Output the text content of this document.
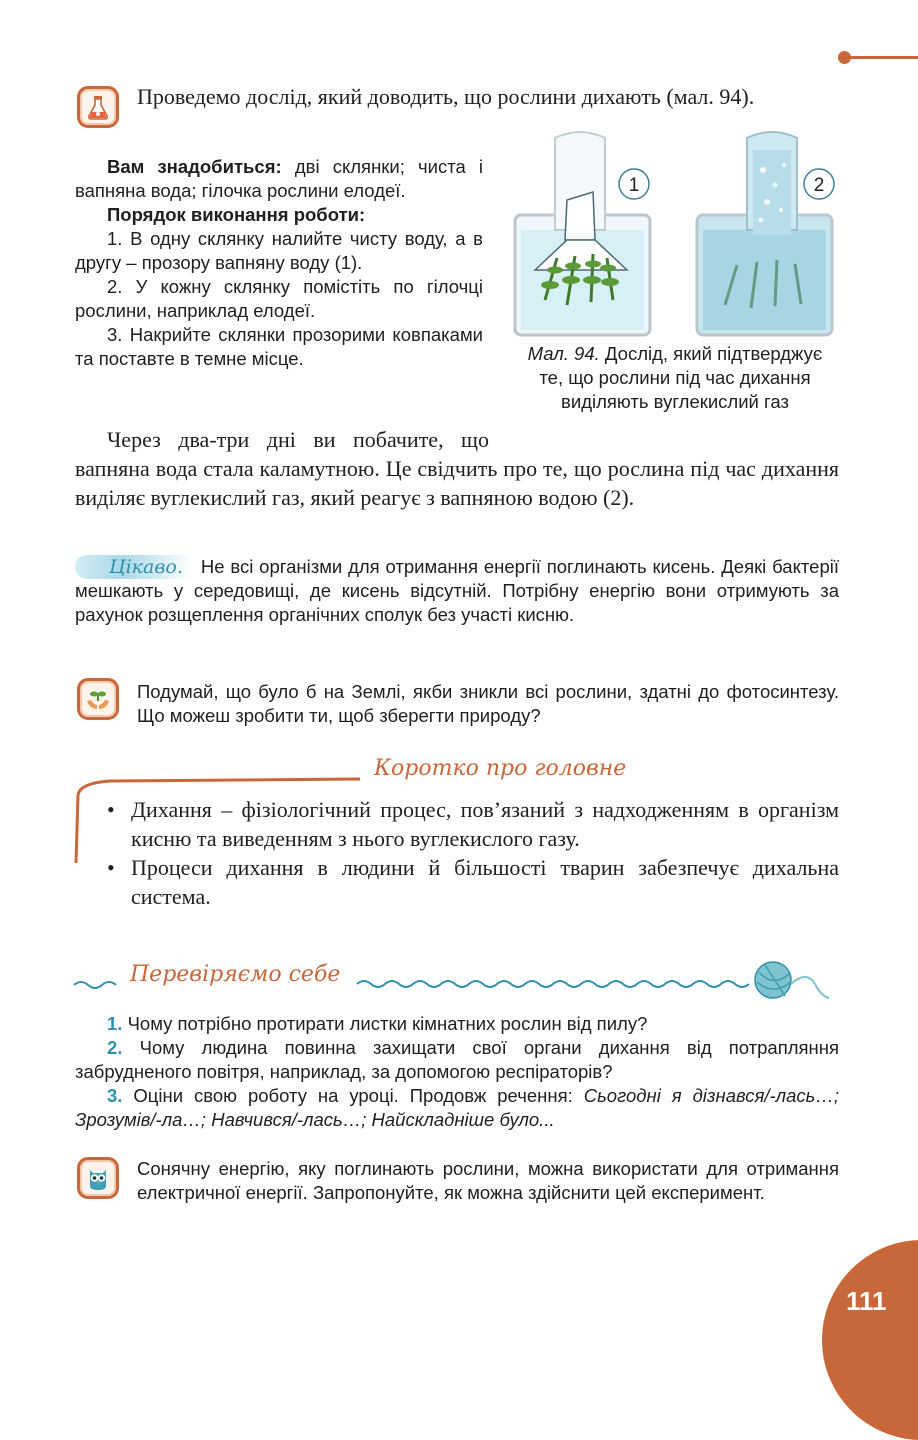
Проведемо дослід, який доводить, що рослини дихають (мал. 94).

Вам знадобиться: дві склянки; чиста і вапняна вода; гілочка рослини елодеї.

Порядок виконання роботи:

1. В одну склянку налийте чисту воду, а в другу – прозору вапняну воду (1).

2. У кожну склянку помістіть по гілочці рослини, наприклад елодеї.

3. Накрийте склянки прозорими ковпаками та поставте в темне місце.

1	2
Мал. 94. Дослід, який підтверджує те, що рослини під час дихання виділяють вуглекислий газ
Через два-три дні ви побачите, що вапняна вода стала каламутною. Це свідчить про те, що рослина під час дихання виділяє вуглекислий газ, який реагує з вапняною водою (2).
Цікаво. Не всі організми для отримання енергії поглинають кисень. Деякі бактерії мешкають у середовищі, де кисень відсутній. Потрібну енергію вони отримують за рахунок розщеплення органічних сполук без участі кисню.
Подумай, що було б на Землі, якби зникли всі рослини, здатні до фотосинтезу. Що можеш зробити ти, щоб зберегти природу?
Коротко про головне
• Дихання – фізіологічний процес, пов’язаний з надходженням в організм кисню та виведенням з нього вуглекислого газу.
• Процеси дихання в людини й більшості тварин забезпечує дихальна система.
Перевіряємо себе
1. Чому потрібно протирати листки кімнатних рослин від пилу?
2. Чому людина повинна захищати свої органи дихання від потрапляння забрудненого повітря, наприклад, за допомогою респіраторів?
3. Оціни свою роботу на уроці. Продовж речення: Сьогодні я дізнався/-лась…; Зрозумів/-ла…; Навчився/-лась…; Найскладніше було...
Сонячну енергію, яку поглинають рослини, можна використати для отримання електричної енергії. Запропонуйте, як можна здійснити цей експеримент.
111
